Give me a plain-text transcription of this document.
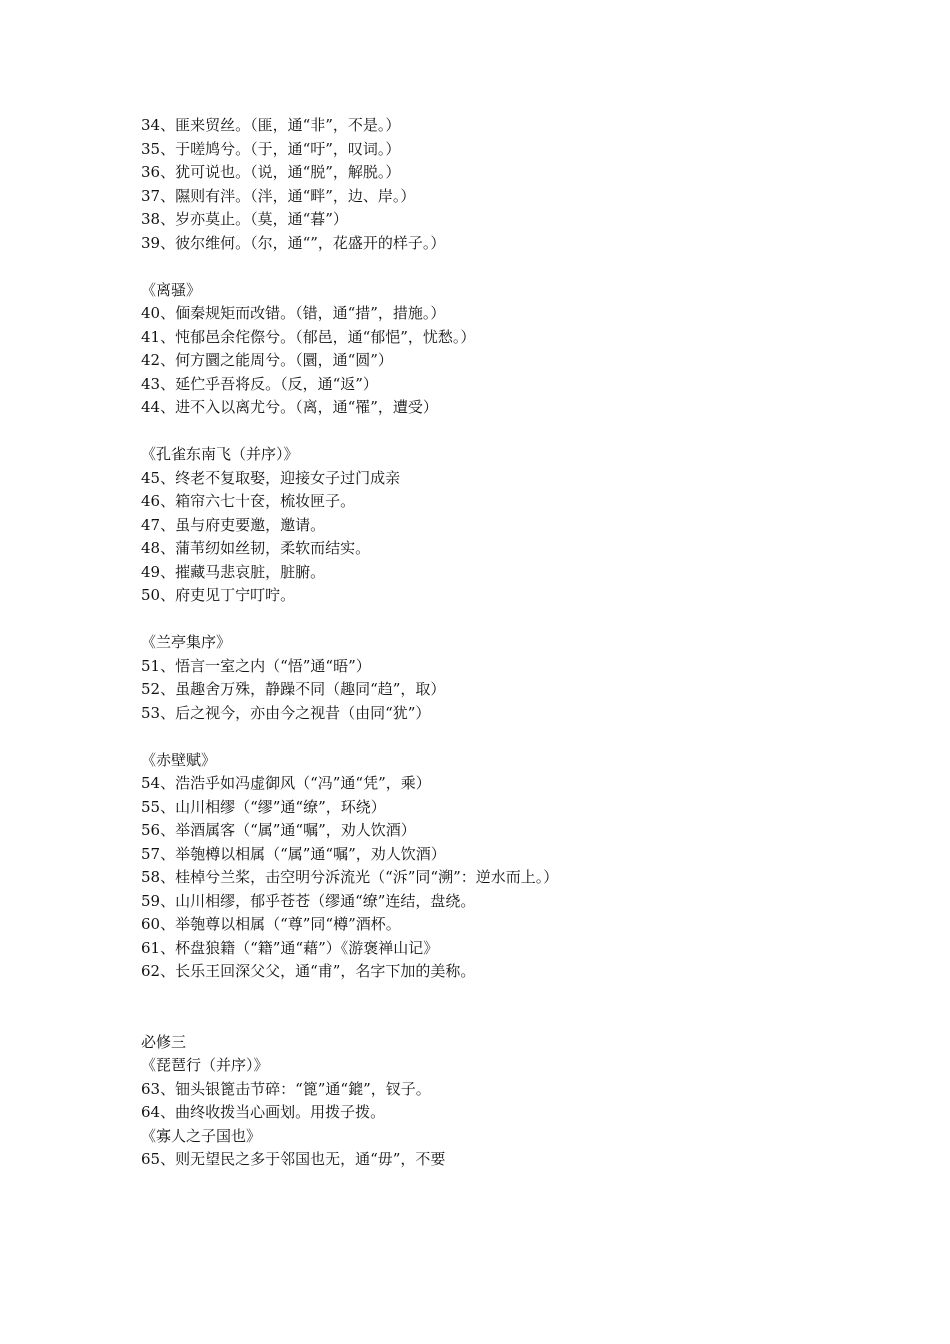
34、匪来贸丝。（匪，通“非”，不是。）
35、于嗟鸠兮。（于，通“吁”，叹词。）
36、犹可说也。（说，通“脱”，解脱。）
37、隰则有泮。（泮，通“畔”，边、岸。）
38、岁亦莫止。（莫，通“暮”）
39、彼尔维何。（尔，通“”，花盛开的样子。）
《离骚》
40、偭秦规矩而改错。（错，通“措”，措施。）
41、忳郁邑余侘傺兮。（郁邑，通“郁悒”，忧愁。）
42、何方圜之能周兮。（圜，通“圆”）
43、延伫乎吾将反。（反，通“返”）
44、进不入以离尤兮。（离，通“罹”，遭受）
《孔雀东南飞（并序）》
45、终老不复取娶，迎接女子过门成亲
46、箱帘六七十奁，梳妆匣子。
47、虽与府吏要邀，邀请。
48、蒲苇纫如丝韧，柔软而结实。
49、摧藏马悲哀脏，脏腑。
50、府吏见丁宁叮咛。
《兰亭集序》
51、悟言一室之内（“悟”通“晤”）
52、虽趣舍万殊，静躁不同（趣同“趋”，取）
53、后之视今，亦由今之视昔（由同“犹”）
《赤壁赋》
54、浩浩乎如冯虚御风（“冯”通“凭”，乘）
55、山川相缪（“缪”通“缭”，环绕）
56、举酒属客（“属”通“嘱”，劝人饮酒）
57、举匏樽以相属（“属”通“嘱”，劝人饮酒）
58、桂棹兮兰桨，击空明兮泝流光（“泝”同“溯”：逆水而上。）
59、山川相缪，郁乎苍苍（缪通“缭”连结，盘绕。
60、举匏尊以相属（“尊”同“樽”酒杯。
61、杯盘狼籍（“籍”通“藉”）《游褒禅山记》
62、长乐王回深父父，通“甫”，名字下加的美称。
必修三
《琵琶行（并序）》
63、钿头银篦击节碎：“篦”通“鎞”，钗子。
64、曲终收拨当心画划。用拨子拨。
《寡人之子国也》
65、则无望民之多于邻国也无，通“毋”，不要
